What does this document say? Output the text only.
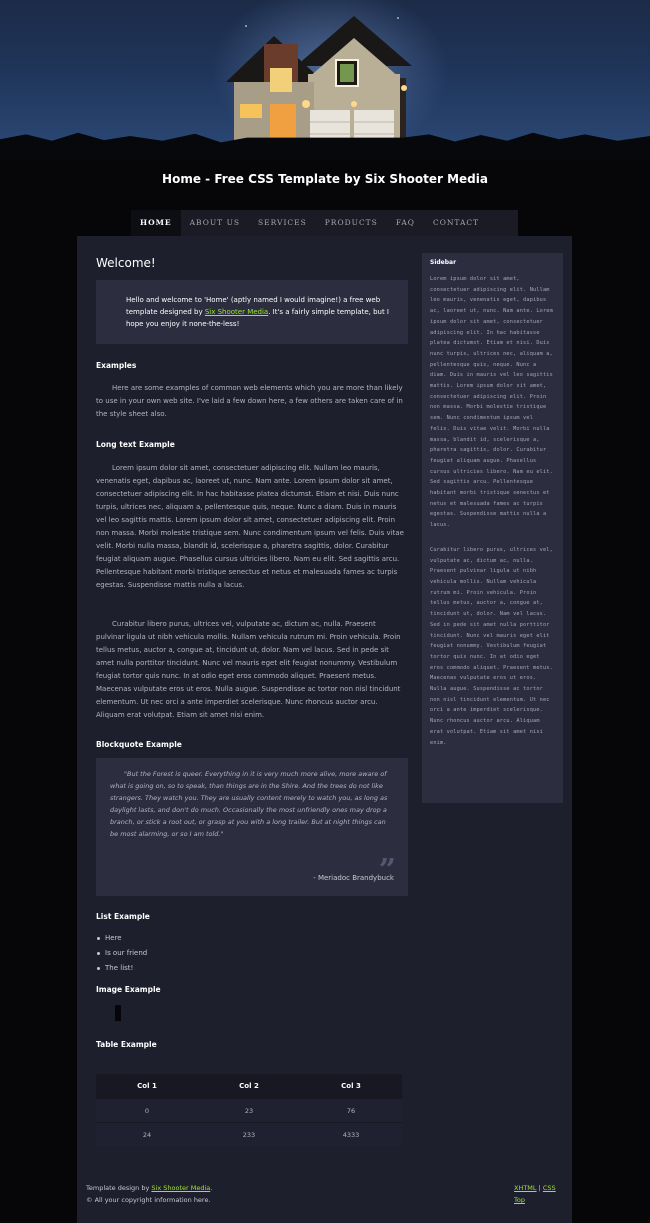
Home - Free CSS Template by Six Shooter Media
HOME	ABOUT US	SERVICES	PRODUCTS	FAQ	CONTACT
Welcome!
Hello and welcome to 'Home' (aptly named I would imagine!) a free web template designed by Six Shooter Media. It's a fairly simple template, but I hope you enjoy it none-the-less!
Examples

Here are some examples of common web elements which you are more than likely to use in your own web site. I've laid a few down here, a few others are taken care of in the style sheet also.

Long text Example

Lorem ipsum dolor sit amet, consectetuer adipiscing elit. Nullam leo mauris, venenatis eget, dapibus ac, laoreet ut, nunc. Nam ante. Lorem ipsum dolor sit amet, consectetuer adipiscing elit. In hac habitasse platea dictumst. Etiam et nisi. Duis nunc turpis, ultrices nec, aliquam a, pellentesque quis, neque. Nunc a diam. Duis in mauris vel leo sagittis mattis. Lorem ipsum dolor sit amet, consectetuer adipiscing elit. Proin non massa. Morbi molestie tristique sem. Nunc condimentum ipsum vel felis. Duis vitae velit. Morbi nulla massa, blandit id, scelerisque a, pharetra sagittis, dolor. Curabitur feugiat aliquam augue. Phasellus cursus ultricies libero. Nam eu elit. Sed sagittis arcu. Pellentesque habitant morbi tristique senectus et netus et malesuada fames ac turpis egestas. Suspendisse mattis nulla a lacus.

Curabitur libero purus, ultrices vel, vulputate ac, dictum ac, nulla. Praesent pulvinar ligula ut nibh vehicula mollis. Nullam vehicula rutrum mi. Proin vehicula. Proin tellus metus, auctor a, congue at, tincidunt ut, dolor. Nam vel lacus. Sed in pede sit amet nulla porttitor tincidunt. Nunc vel mauris eget elit feugiat nonummy. Vestibulum feugiat tortor quis nunc. In at odio eget eros commodo aliquet. Praesent metus. Maecenas vulputate eros ut eros. Nulla augue. Suspendisse ac tortor non nisl tincidunt elementum. Ut nec orci a ante imperdiet scelerisque. Nunc rhoncus auctor arcu. Aliquam erat volutpat. Etiam sit amet nisi enim.

Blockquote Example

"But the Forest is queer. Everything in it is very much more alive, more aware of what is going on, so to speak, than things are in the Shire. And the trees do not like strangers. They watch you. They are usually content merely to watch you, as long as daylight lasts, and don't do much. Occasionally the most unfriendly ones may drop a branch, or stick a root out, or grasp at you with a long trailer. But at night things can be most alarming, or so I am told."

”
- Meriadoc Brandybuck
List Example
Here
Is our friend
The list!
Image Example
Table Example
Col 1	Col 2	Col 3
0	23	76
24	233	4333
Sidebar

Lorem ipsum dolor sit amet, consectetuer adipiscing elit. Nullam leo mauris, venenatis eget, dapibus ac, laoreet ut, nunc. Nam ante. Lorem ipsum dolor sit amet, consectetuer adipiscing elit. In hac habitasse platea dictumst. Etiam et nisi. Duis nunc turpis, ultrices nec, aliquam a, pellentesque quis, neque. Nunc a diam. Duis in mauris vel leo sagittis mattis. Lorem ipsum dolor sit amet, consectetuer adipiscing elit. Proin non massa. Morbi molestie tristique sem. Nunc condimentum ipsum vel felis. Duis vitae velit. Morbi nulla massa, blandit id, scelerisque a, pharetra sagittis, dolor. Curabitur feugiat aliquam augue. Phasellus cursus ultricies libero. Nam eu elit. Sed sagittis arcu. Pellentesque habitant morbi tristique senectus et netus et malesuada fames ac turpis egestas. Suspendisse mattis nulla a lacus.

Curabitur libero purus, ultrices vel, vulputate ac, dictum ac, nulla. Praesent pulvinar ligula ut nibh vehicula mollis. Nullam vehicula rutrum mi. Proin vehicula. Proin tellus metus, auctor a, congue at, tincidunt ut, dolor. Nam vel lacus. Sed in pede sit amet nulla porttitor tincidunt. Nunc vel mauris eget elit feugiat nonummy. Vestibulum feugiat tortor quis nunc. In at odio eget eros commodo aliquet. Praesent metus. Maecenas vulputate eros ut eros. Nulla augue. Suspendisse ac tortor non nisl tincidunt elementum. Ut nec orci a ante imperdiet scelerisque. Nunc rhoncus auctor arcu. Aliquam erat volutpat. Etiam sit amet nisi enim.

Template design by Six Shooter Media.
© All your copyright information here.
XHTML | CSS
Top
